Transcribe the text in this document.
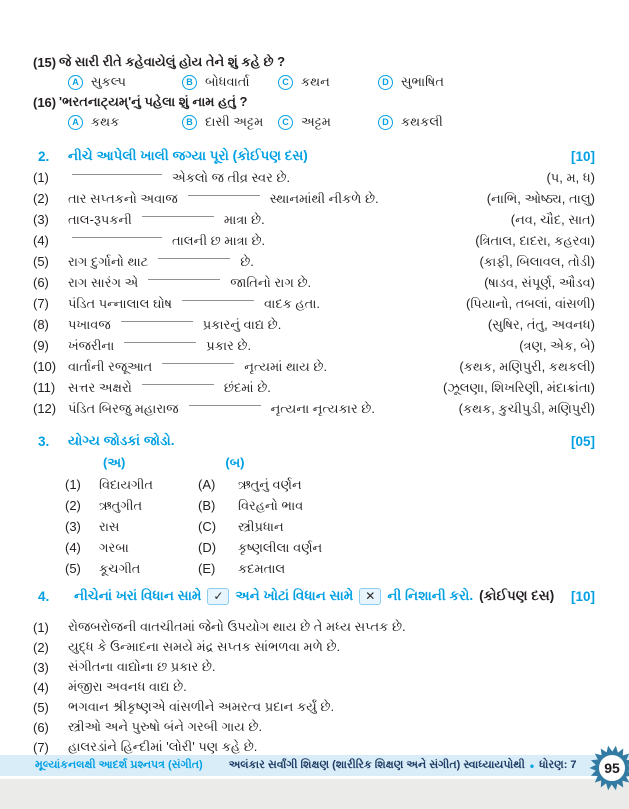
(15) જે સારી રીતે કહેવાયેલું હોય તેને શું કહે છે ?
A સુકલ્પ	B બોધવાર્તા	C કથન	D સુભાષિત
(16) 'ભરતનાટ્યમ્'નું પહેલા શું નામ હતું ?
A કથક	B દાસી અટ્ટમ	C અટ્ટમ	D કથકલી
2.	નીચે આપેલી ખાલી જગ્યા પૂરો (કોઈપણ દસ)	[10]
(1)	એકલો જ તીવ્ર સ્વર છે.	(પ, મ, ધ)
(2)	તાર સપ્તકનો અવાજ	સ્થાનમાંથી નીકળે છે.	(નાભિ, ઓષ્ઠ્ય, તાલુ)
(3)	તાલ-રૂપકની	માત્રા છે.	(નવ, ચૌદ, સાત)
(4)	તાલની છ માત્રા છે.	(ત્રિતાલ, દાદરા, કહરવા)
(5)	રાગ દુર્ગાનો થાટ	છે.	(કાફી, બિલાવલ, તોડી)
(6)	રાગ સારંગ એ	જાતિનો રાગ છે.	(ષાડવ, સંપૂર્ણ, ઔડવ)
(7)	પંડિત પન્નાલાલ ઘોષ	વાદક હતા.	(પિયાનો, તબલાં, વાંસળી)
(8)	પખાવજ	પ્રકારનું વાદ્ય છે.	(સુષિર, તંતુ, અવનધ)
(9)	ખંજરીના	પ્રકાર છે.	(ત્રણ, એક, બે)
(10) વાર્તાની રજૂઆત	નૃત્યમાં થાય છે.	(કથક, મણિપુરી, કથકલી)
(11) સત્તર અક્ષરો	છંદમાં છે.	(ઝૂલણા, શિખરિણી, મંદાક્રાંતા)
(12) પંડિત બિરજુ મહારાજ	નૃત્યના નૃત્યકાર છે.	(કથક, કુચીપુડી, મણિપુરી)
3.	યોગ્ય જોડકાં જોડો.	[05]
(અ)	(બ)
(1)	વિદાયગીત	(A)	ઋતુનું વર્ણન
(2)	ઋતુગીત	(B)	વિરહનો ભાવ
(3)	રાસ	(C)	સ્ત્રીપ્રધાન
(4)	ગરબા	(D)	કૃષ્ણલીલા વર્ણન
(5)	કૂચગીત	(E)	કદમતાલ
4.	નીચેનાં ખરાં વિધાન સામે ✓ અને ખોટાં વિધાન સામે ✕ ની નિશાની કરો. (કોઈપણ દસ) [10]
(1)	રોજબરોજની વાતચીતમાં જેનો ઉપયોગ થાય છે તે મધ્ય સપ્તક છે.
(2)	યુદ્ધ કે ઉન્માદના સમયે મંદ્ર સપ્તક સાંભળવા મળે છે.
(3)	સંગીતના વાદ્યોના છ પ્રકાર છે.
(4)	મંજીરા અવનધ વાદ્ય છે.
(5)	ભગવાન શ્રીકૃષ્ણએ વાંસળીને અમરત્વ પ્રદાન કર્યું છે.
(6)	સ્ત્રીઓ અને પુરુષો બંને ગરબી ગાય છે.
(7)	હાલરડાંને હિન્દીમાં 'લોરી' પણ કહે છે.
મૂલ્યાંકનલક્ષી આદર્શ પ્રશ્નપત્ર (સંગીત) અલંકાર સર્વાંગી શિક્ષણ (શારીરિક શિક્ષણ અને સંગીત) સ્વાધ્યાયપોથી • ધોરણ: 7 95
